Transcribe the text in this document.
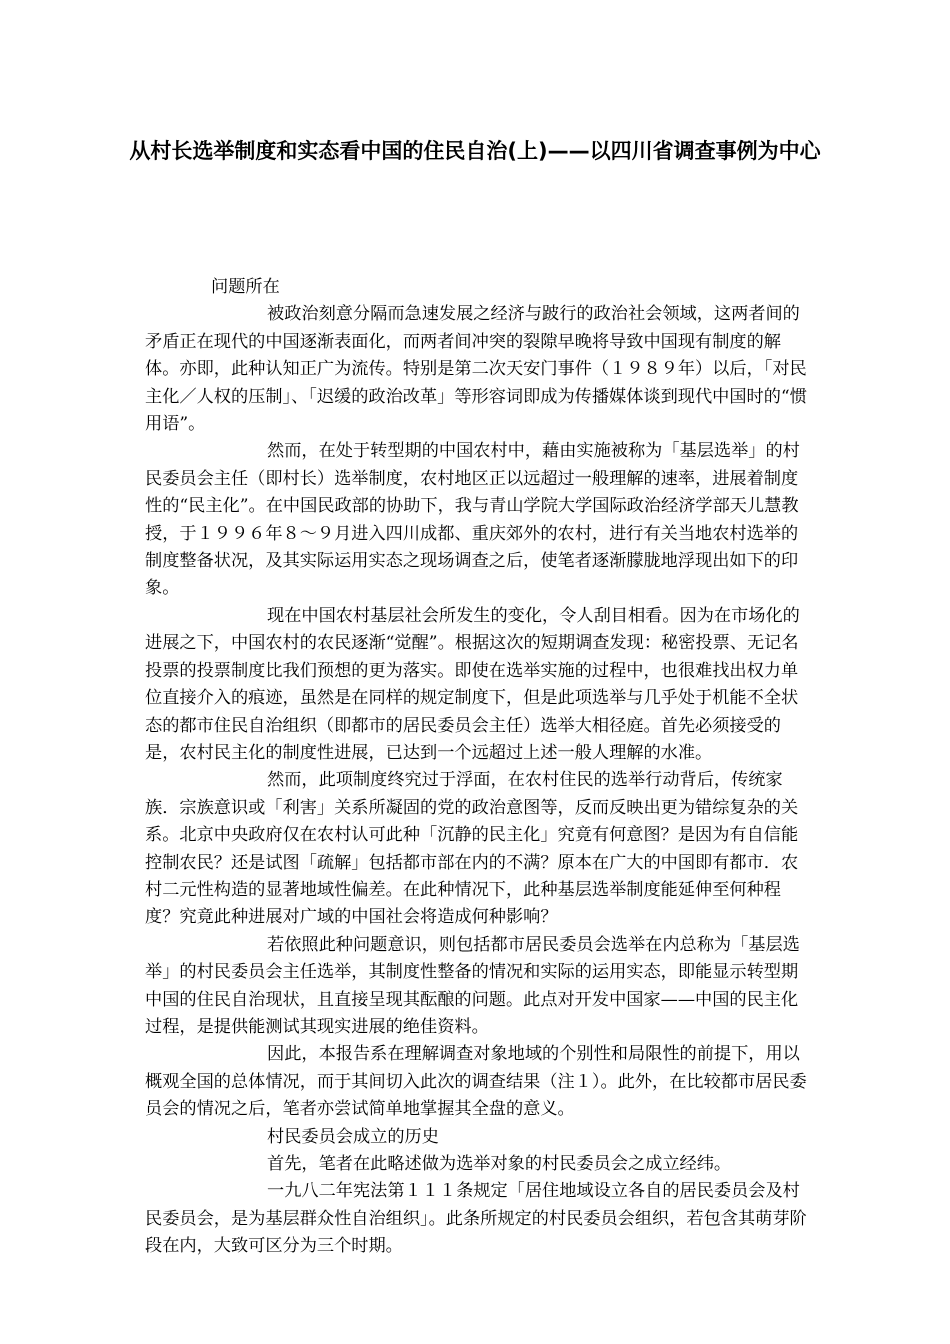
从村长选举制度和实态看中国的住民自治(上)——以四川省调查事例为中心
问题所在

被政治刻意分隔而急速发展之经济与跛行的政治社会领域，这两者间的矛盾正在现代的中国逐渐表面化，而两者间冲突的裂隙早晚将导致中国现有制度的解体。亦即，此种认知正广为流传。特别是第二次天安门事件（１９８９年）以后，「对民主化／人权的压制」、「迟缓的政治改革」等形容词即成为传播媒体谈到现代中国时的“惯用语”。

然而，在处于转型期的中国农村中，藉由实施被称为「基层选举」的村民委员会主任（即村长）选举制度，农村地区正以远超过一般理解的速率，进展着制度性的“民主化”。在中国民政部的协助下，我与青山学院大学国际政治经济学部天儿慧教授，于１９９６年８～９月进入四川成都、重庆郊外的农村，进行有关当地农村选举的制度整备状况，及其实际运用实态之现场调查之后，使笔者逐渐朦胧地浮现出如下的印象。

现在中国农村基层社会所发生的变化，令人刮目相看。因为在市场化的进展之下，中国农村的农民逐渐“觉醒”。根据这次的短期调查发现：秘密投票、无记名投票的投票制度比我们预想的更为落实。即使在选举实施的过程中，也很难找出权力单位直接介入的痕迹，虽然是在同样的规定制度下，但是此项选举与几乎处于机能不全状态的都市住民自治组织（即都市的居民委员会主任）选举大相径庭。首先必须接受的是，农村民主化的制度性进展，已达到一个远超过上述一般人理解的水准。

然而，此项制度终究过于浮面，在农村住民的选举行动背后，传统家族．宗族意识或「利害」关系所凝固的党的政治意图等，反而反映出更为错综复杂的关系。北京中央政府仅在农村认可此种「沉静的民主化」究竟有何意图？是因为有自信能控制农民？还是试图「疏解」包括都市部在内的不满？原本在广大的中国即有都市．农村二元性构造的显著地域性偏差。在此种情况下，此种基层选举制度能延伸至何种程度？究竟此种进展对广域的中国社会将造成何种影响？

若依照此种问题意识，则包括都市居民委员会选举在内总称为「基层选举」的村民委员会主任选举，其制度性整备的情况和实际的运用实态，即能显示转型期中国的住民自治现状，且直接呈现其酝酿的问题。此点对开发中国家——中国的民主化过程，是提供能测试其现实进展的绝佳资料。

因此，本报告系在理解调查对象地域的个别性和局限性的前提下，用以概观全国的总体情况，而于其间切入此次的调查结果（注１）。此外，在比较都市居民委员会的情况之后，笔者亦尝试简单地掌握其全盘的意义。

村民委员会成立的历史

首先，笔者在此略述做为选举对象的村民委员会之成立经纬。

一九八二年宪法第１１１条规定「居住地域设立各自的居民委员会及村民委员会，是为基层群众性自治组织」。此条所规定的村民委员会组织，若包含其萌芽阶段在内，大致可区分为三个时期。
